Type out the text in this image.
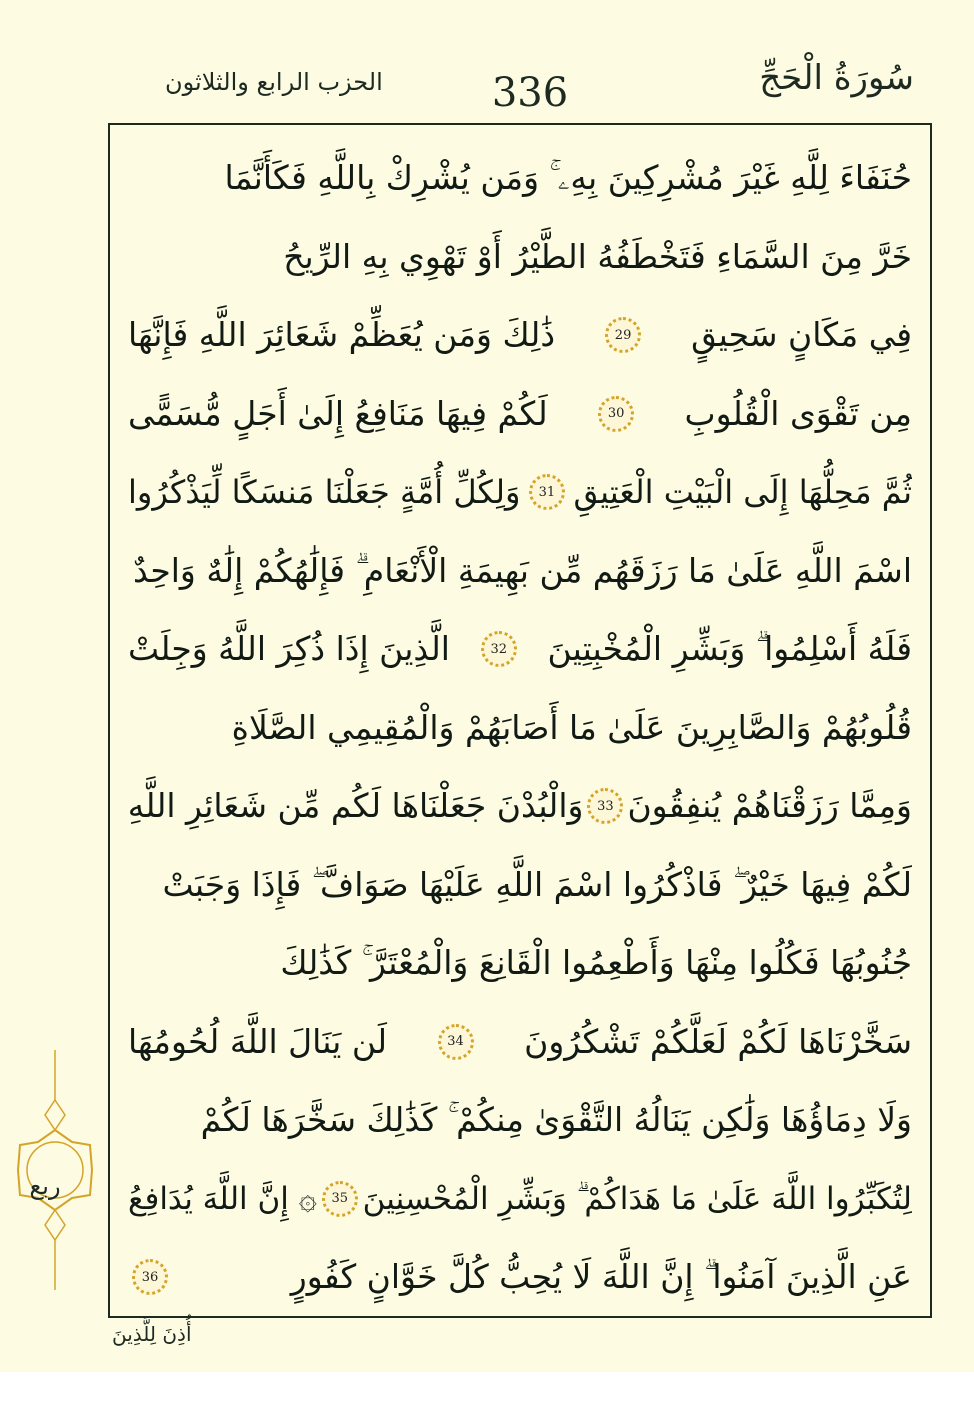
سُورَةُ الْحَجِّ
336
الحزب الرابع والثلاثون
حُنَفَاءَ لِلَّهِ غَيْرَ مُشْرِكِينَ بِهِۦ ۚ وَمَن يُشْرِكْ بِاللَّهِ فَكَأَنَّمَا
خَرَّ مِنَ السَّمَاءِ فَتَخْطَفُهُ الطَّيْرُ أَوْ تَهْوِي بِهِ الرِّيحُ
فِي مَكَانٍ سَحِيقٍ
29
ذَٰلِكَ وَمَن يُعَظِّمْ شَعَائِرَ اللَّهِ فَإِنَّهَا
مِن تَقْوَى الْقُلُوبِ
30
لَكُمْ فِيهَا مَنَافِعُ إِلَىٰ أَجَلٍ مُّسَمًّى
ثُمَّ مَحِلُّهَا إِلَى الْبَيْتِ الْعَتِيقِ
31
وَلِكُلِّ أُمَّةٍ جَعَلْنَا مَنسَكًا لِّيَذْكُرُوا
اسْمَ اللَّهِ عَلَىٰ مَا رَزَقَهُم مِّن بَهِيمَةِ الْأَنْعَامِ ۗ فَإِلَٰهُكُمْ إِلَٰهٌ وَاحِدٌ
فَلَهُ أَسْلِمُوا ۗ وَبَشِّرِ الْمُخْبِتِينَ
32
الَّذِينَ إِذَا ذُكِرَ اللَّهُ وَجِلَتْ
قُلُوبُهُمْ وَالصَّابِرِينَ عَلَىٰ مَا أَصَابَهُمْ وَالْمُقِيمِي الصَّلَاةِ
وَمِمَّا رَزَقْنَاهُمْ يُنفِقُونَ
33
وَالْبُدْنَ جَعَلْنَاهَا لَكُم مِّن شَعَائِرِ اللَّهِ
لَكُمْ فِيهَا خَيْرٌ ۖ فَاذْكُرُوا اسْمَ اللَّهِ عَلَيْهَا صَوَافَّ ۖ فَإِذَا وَجَبَتْ
جُنُوبُهَا فَكُلُوا مِنْهَا وَأَطْعِمُوا الْقَانِعَ وَالْمُعْتَرَّ ۚ كَذَٰلِكَ
سَخَّرْنَاهَا لَكُمْ لَعَلَّكُمْ تَشْكُرُونَ
34
لَن يَنَالَ اللَّهَ لُحُومُهَا
وَلَا دِمَاؤُهَا وَلَٰكِن يَنَالُهُ التَّقْوَىٰ مِنكُمْ ۚ كَذَٰلِكَ سَخَّرَهَا لَكُمْ
لِتُكَبِّرُوا اللَّهَ عَلَىٰ مَا هَدَاكُمْ ۗ وَبَشِّرِ الْمُحْسِنِينَ
35
۞ إِنَّ اللَّهَ يُدَافِعُ
عَنِ الَّذِينَ آمَنُوا ۗ إِنَّ اللَّهَ لَا يُحِبُّ كُلَّ خَوَّانٍ كَفُورٍ
36
ربع
أُذِنَ لِلَّذِينَ
